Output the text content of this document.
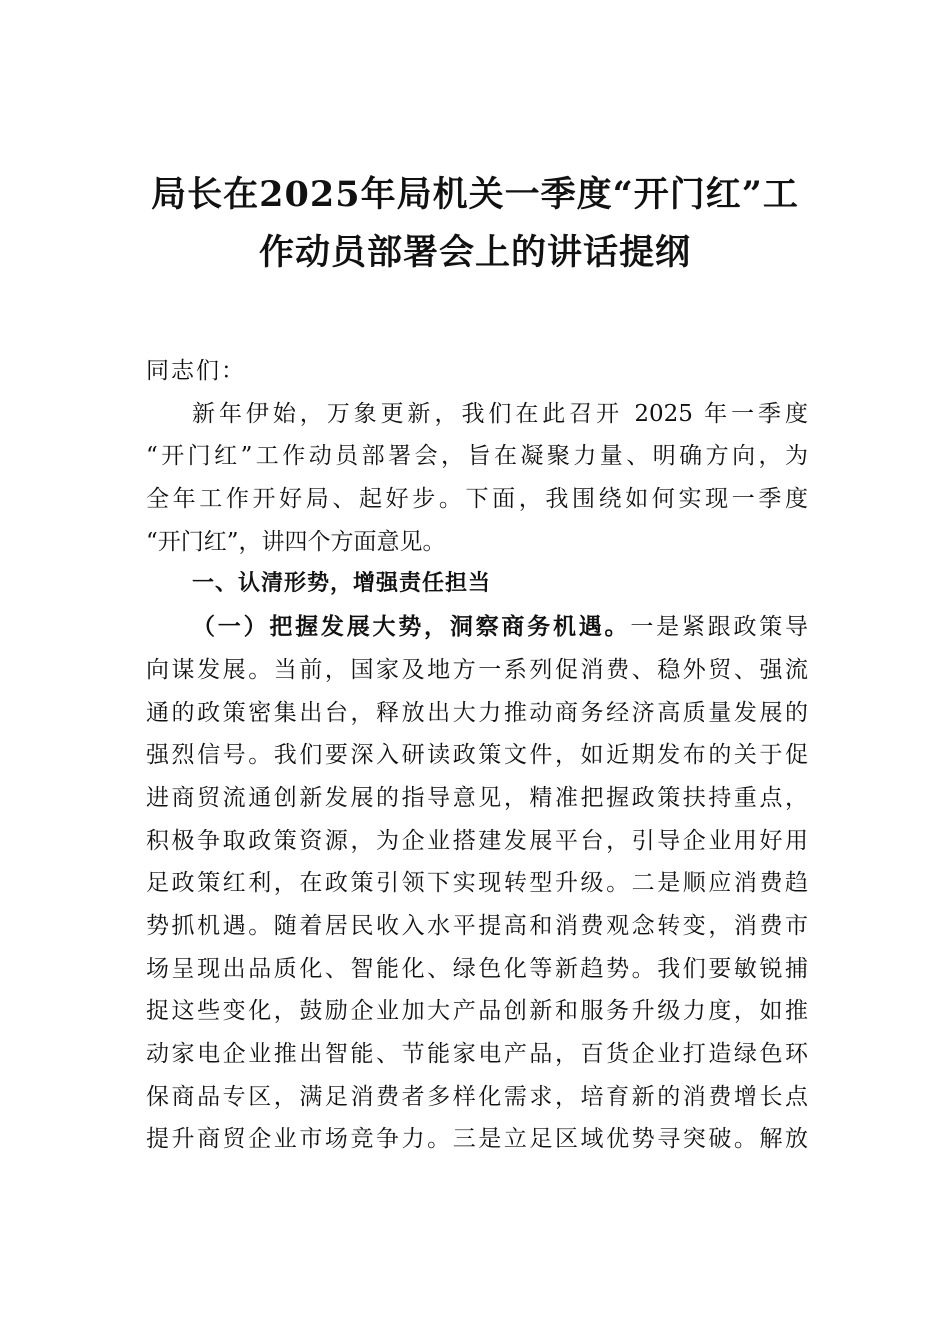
局长在2025年局机关一季度“开门红”工
作动员部署会上的讲话提纲
同志们：
新年伊始，万象更新，我们在此召开 2025 年一季度
“开门红”工作动员部署会，旨在凝聚力量、明确方向，为
全年工作开好局、起好步。下面，我围绕如何实现一季度
“开门红”，讲四个方面意见。
一、认清形势，增强责任担当
（一）把握发展大势，洞察商务机遇。一是紧跟政策导
向谋发展。当前，国家及地方一系列促消费、稳外贸、强流
通的政策密集出台，释放出大力推动商务经济高质量发展的
强烈信号。我们要深入研读政策文件，如近期发布的关于促
进商贸流通创新发展的指导意见，精准把握政策扶持重点，
积极争取政策资源，为企业搭建发展平台，引导企业用好用
足政策红利，在政策引领下实现转型升级。二是顺应消费趋
势抓机遇。随着居民收入水平提高和消费观念转变，消费市
场呈现出品质化、智能化、绿色化等新趋势。我们要敏锐捕
捉这些变化，鼓励企业加大产品创新和服务升级力度，如推
动家电企业推出智能、节能家电产品，百货企业打造绿色环
保商品专区，满足消费者多样化需求，培育新的消费增长点
提升商贸企业市场竞争力。三是立足区域优势寻突破。解放
